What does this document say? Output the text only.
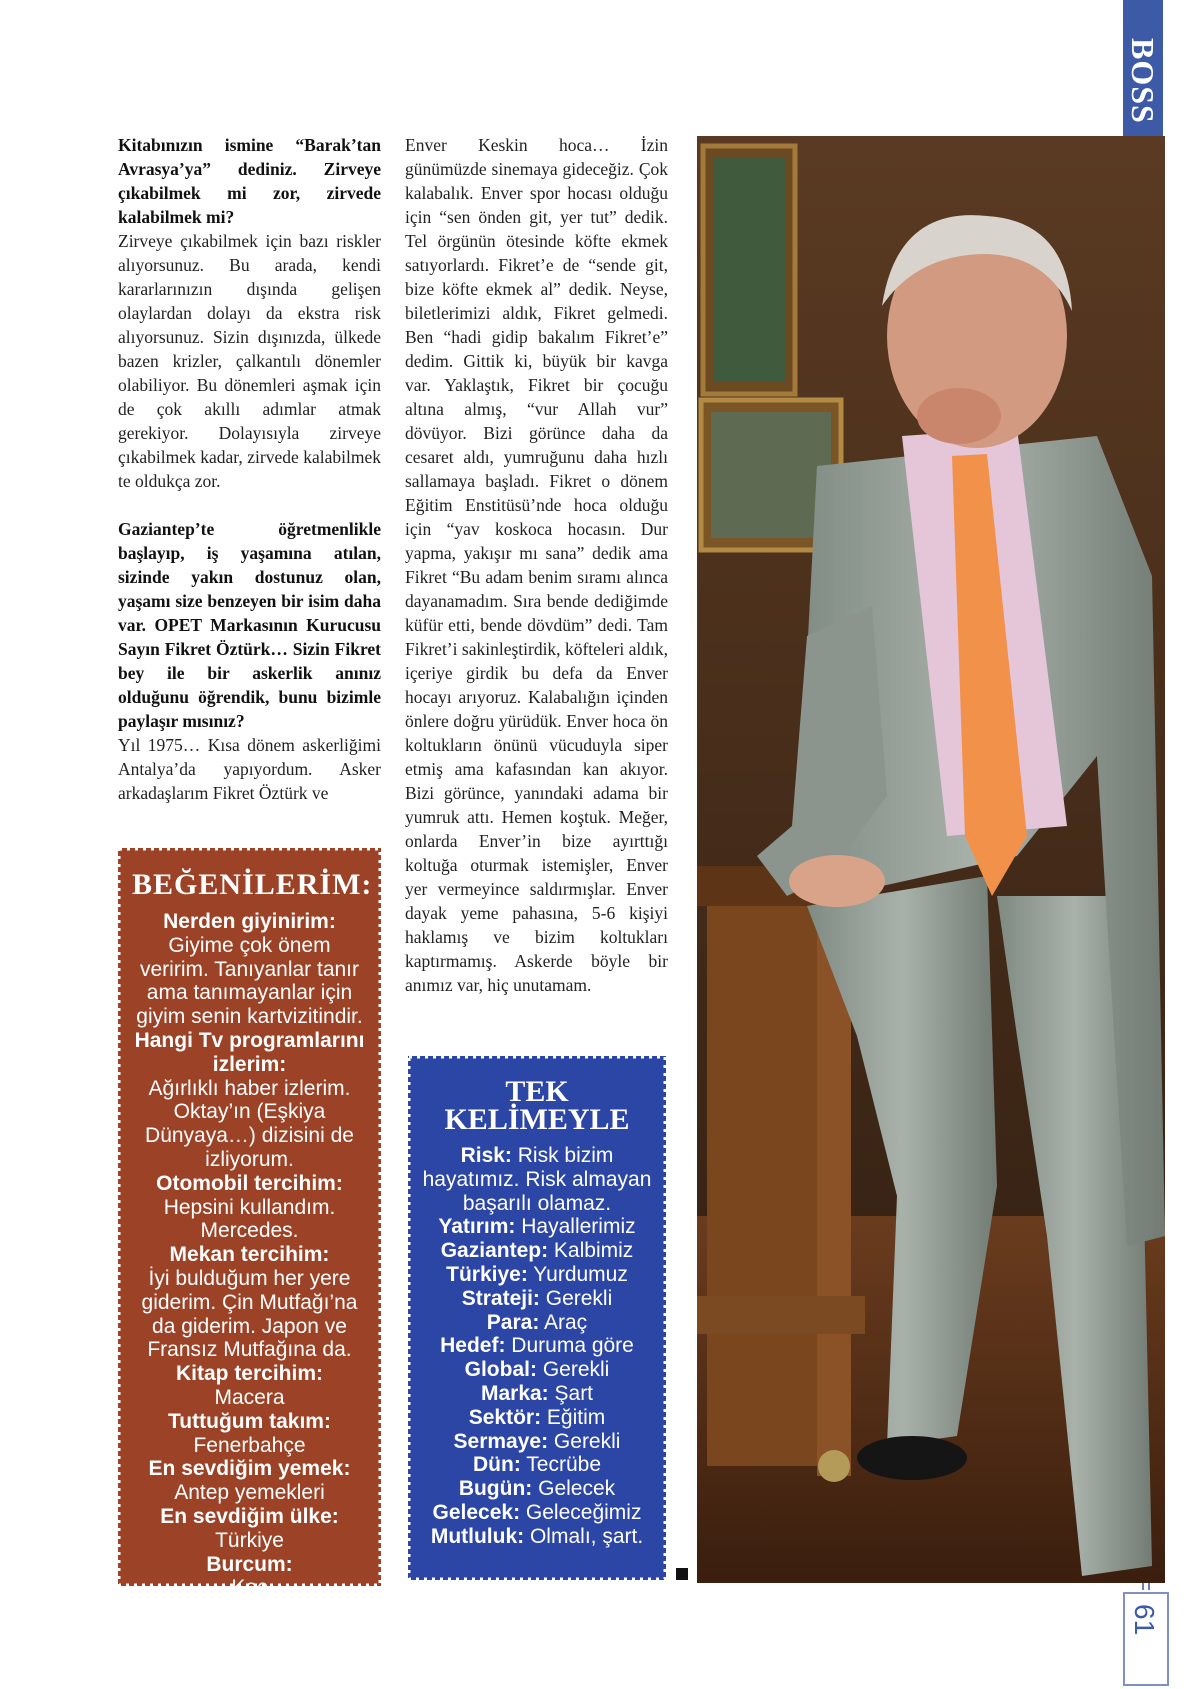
BOSS
61

Kitabınızın ismine “Barak’tan Avrasya’ya” dediniz. Zirveye çıkabilmek mi zor, zirvede kalabilmek mi?

Zirveye çıkabilmek için bazı riskler alıyorsunuz. Bu arada, kendi kararlarınızın dışında gelişen olaylardan dolayı da ekstra risk alıyorsunuz. Sizin dışınızda, ülkede bazen krizler, çalkantılı dönemler olabiliyor. Bu dönemleri aşmak için de çok akıllı adımlar atmak gerekiyor. Dolayısıyla zirveye çıkabilmek kadar, zirvede kalabilmek te oldukça zor.

Gaziantep’te öğretmenlikle başlayıp, iş yaşamına atılan, sizinde yakın dostunuz olan, yaşamı size benzeyen bir isim daha var. OPET Markasının Kurucusu Sayın Fikret Öztürk… Sizin Fikret bey ile bir askerlik anınız olduğunu öğrendik, bunu bizimle paylaşır mısınız?

Yıl 1975… Kısa dönem askerliğimi Antalya’da yapıyordum. Asker arkadaşlarım Fikret Öztürk ve

Enver Keskin hoca… İzin günümüzde sinemaya gideceğiz. Çok kalabalık. Enver spor hocası olduğu için “sen önden git, yer tut” dedik. Tel örgünün ötesinde köfte ekmek satıyorlardı. Fikret’e de “sende git, bize köfte ekmek al” dedik. Neyse, biletlerimizi aldık, Fikret gelmedi. Ben “hadi gidip bakalım Fikret’e” dedim. Gittik ki, büyük bir kavga var. Yaklaştık, Fikret bir çocuğu altına almış, “vur Allah vur” dövüyor. Bizi görünce daha da cesaret aldı, yumruğunu daha hızlı sallamaya başladı. Fikret o dönem Eğitim Enstitüsü’nde hoca olduğu için “yav koskoca hocasın. Dur yapma, yakışır mı sana” dedik ama Fikret “Bu adam benim sıramı alınca dayanamadım. Sıra bende dediğimde küfür etti, bende dövdüm” dedi. Tam Fikret’i sakinleştirdik, köfteleri aldık, içeriye girdik bu defa da Enver hocayı arıyoruz. Kalabalığın içinden önlere doğru yürüdük. Enver hoca ön koltukların önünü vücuduyla siper etmiş ama kafasından kan akıyor. Bizi görünce, yanındaki adama bir yumruk attı. Hemen koştuk. Meğer, onlarda Enver’in bize ayırttığı koltuğa oturmak istemişler, Enver yer vermeyince saldırmışlar. Enver dayak yeme pahasına, 5-6 kişiyi haklamış ve bizim koltukları kaptırmamış. Askerde böyle bir anımız var, hiç unutamam.

BEĞENİLERİM:
Nerden giyinirim:
Giyime çok önem veririm. Tanıyanlar tanır ama tanımayanlar için giyim senin kartvizitindir.
Hangi Tv programlarını izlerim:
Ağırlıklı haber izlerim. Oktay’ın (Eşkiya Dünyaya…) dizisini de izliyorum.
Otomobil tercihim:
Hepsini kullandım. Mercedes.
Mekan tercihim:
İyi bulduğum her yere giderim. Çin Mutfağı’na da giderim. Japon ve Fransız Mutfağına da.
Kitap tercihim:
Macera
Tuttuğum takım:
Fenerbahçe
En sevdiğim yemek:
Antep yemekleri
En sevdiğim ülke:
Türkiye
Burcum:
Koç
TEK
KELİMEYLE
Risk: Risk bizim hayatımız. Risk almayan başarılı olamaz.
Yatırım: Hayallerimiz
Gaziantep: Kalbimiz
Türkiye: Yurdumuz
Strateji: Gerekli
Para: Araç
Hedef: Duruma göre
Global: Gerekli
Marka: Şart
Sektör: Eğitim
Sermaye: Gerekli
Dün: Tecrübe
Bugün: Gelecek
Gelecek: Geleceğimiz
Mutluluk: Olmalı, şart.
